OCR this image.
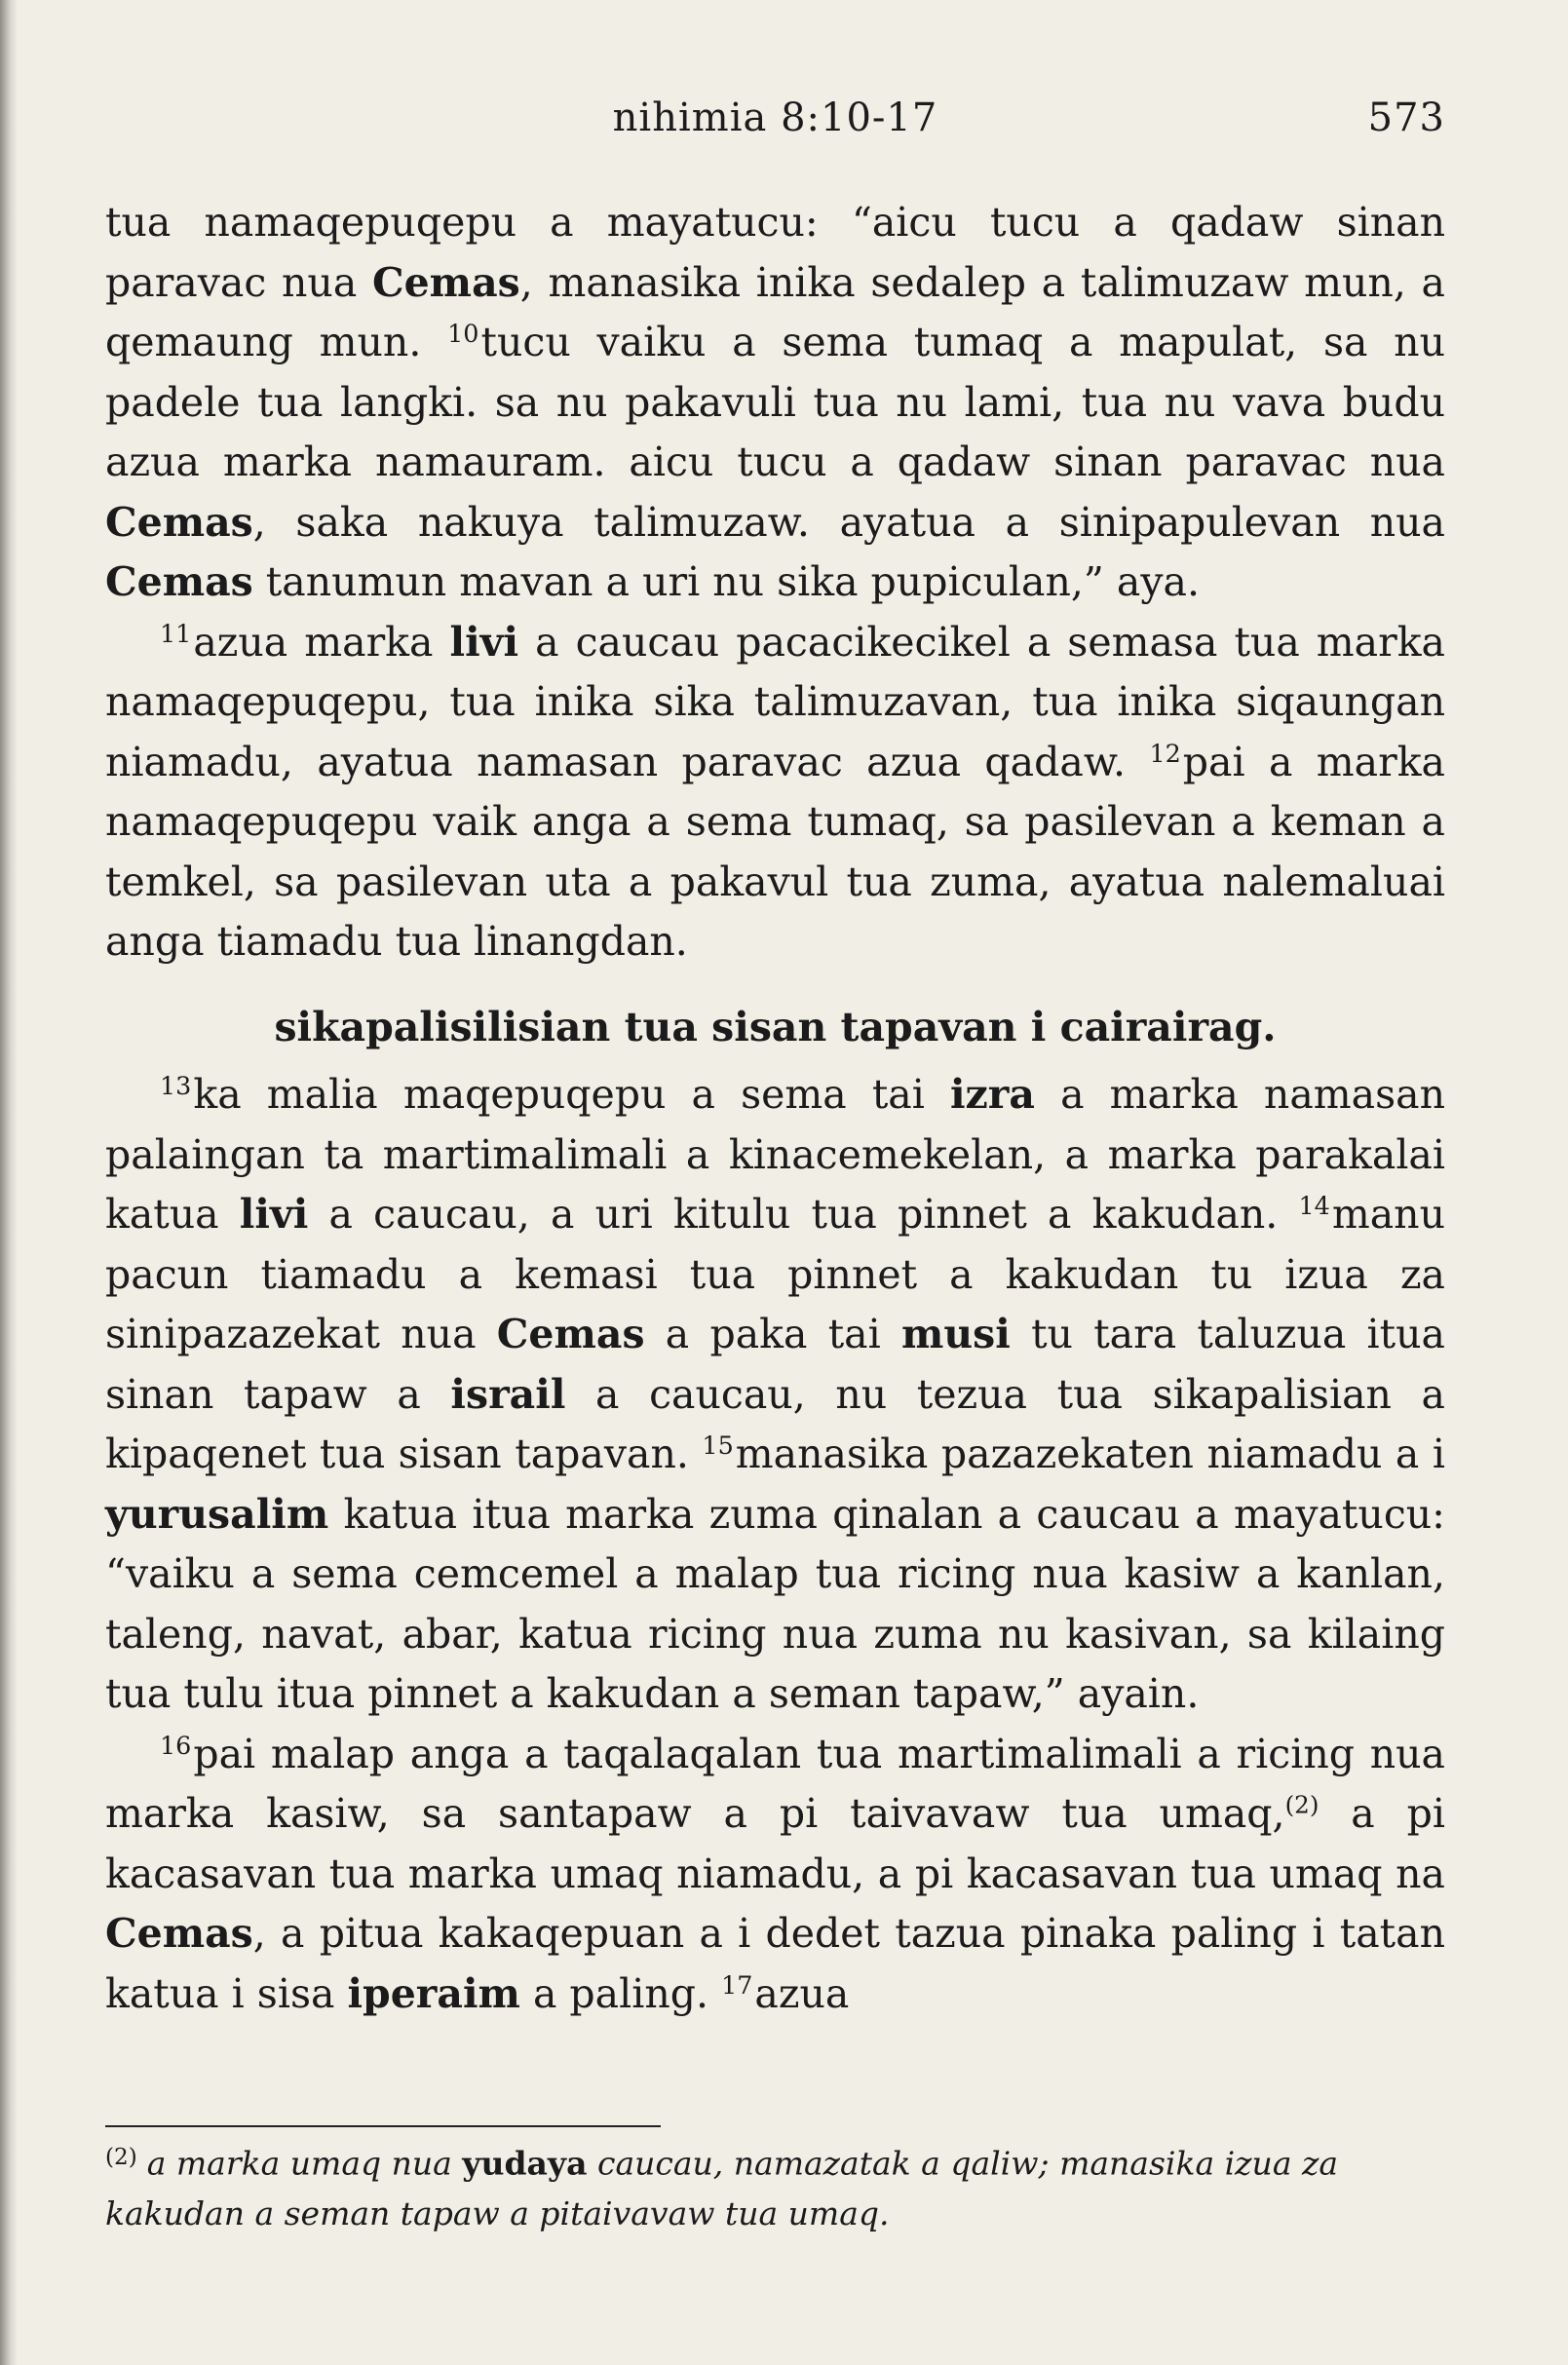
nihimia 8:10-17	573

tua namaqepuqepu a mayatucu: “aicu tucu a qadaw sinan paravac nua Cemas, manasika inika sedalep a talimuzaw mun, a qemaung mun. $^{10}$tucu vaiku a sema tumaq a mapulat, sa nu padele tua langki. sa nu pakavuli tua nu lami, tua nu vava budu azua marka namauram. aicu tucu a qadaw sinan paravac nua Cemas, saka nakuya talimuzaw. ayatua a sinipapulevan nua Cemas tanumun mavan a uri nu sika pupiculan,” aya.

$^{11}$azua marka livi a caucau pacacikecikel a semasa tua marka namaqepuqepu, tua inika sika talimuzavan, tua inika siqaungan niamadu, ayatua namasan paravac azua qadaw. $^{12}$pai a marka namaqepuqepu vaik anga a sema tumaq, sa pasilevan a keman a temkel, sa pasilevan uta a pakavul tua zuma, ayatua nalemaluai anga tiamadu tua linangdan.

sikapalisilisian tua sisan tapavan i cairairag.

$^{13}$ka malia maqepuqepu a sema tai izra a marka namasan palaingan ta martimalimali a kinacemekelan, a marka parakalai katua livi a caucau, a uri kitulu tua pinnet a kakudan. $^{14}$manu pacun tiamadu a kemasi tua pinnet a kakudan tu izua za sinipazazekat nua Cemas a paka tai musi tu tara taluzua itua sinan tapaw a israil a caucau, nu tezua tua sikapalisian a kipaqenet tua sisan tapavan. $^{15}$manasika pazazekaten niamadu a i yurusalim katua itua marka zuma qinalan a caucau a mayatucu: “vaiku a sema cemcemel a malap tua ricing nua kasiw a kanlan, taleng, navat, abar, katua ricing nua zuma nu kasivan, sa kilaing tua tulu itua pinnet a kakudan a seman tapaw,” ayain.

$^{16}$pai malap anga a taqalaqalan tua martimalimali a ricing nua marka kasiw, sa santapaw a pi taivavaw tua umaq,$^{(2)}$ a pi kacasavan tua marka umaq niamadu, a pi kacasavan tua umaq na Cemas, a pitua kakaqepuan a i dedet tazua pinaka paling i tatan katua i sisa iperaim a paling. $^{17}$azua

$^{(2)}$ a marka umaq nua yudaya caucau, namazatak a qaliw; manasika izua za kakudan a seman tapaw a pitaivavaw tua umaq.
